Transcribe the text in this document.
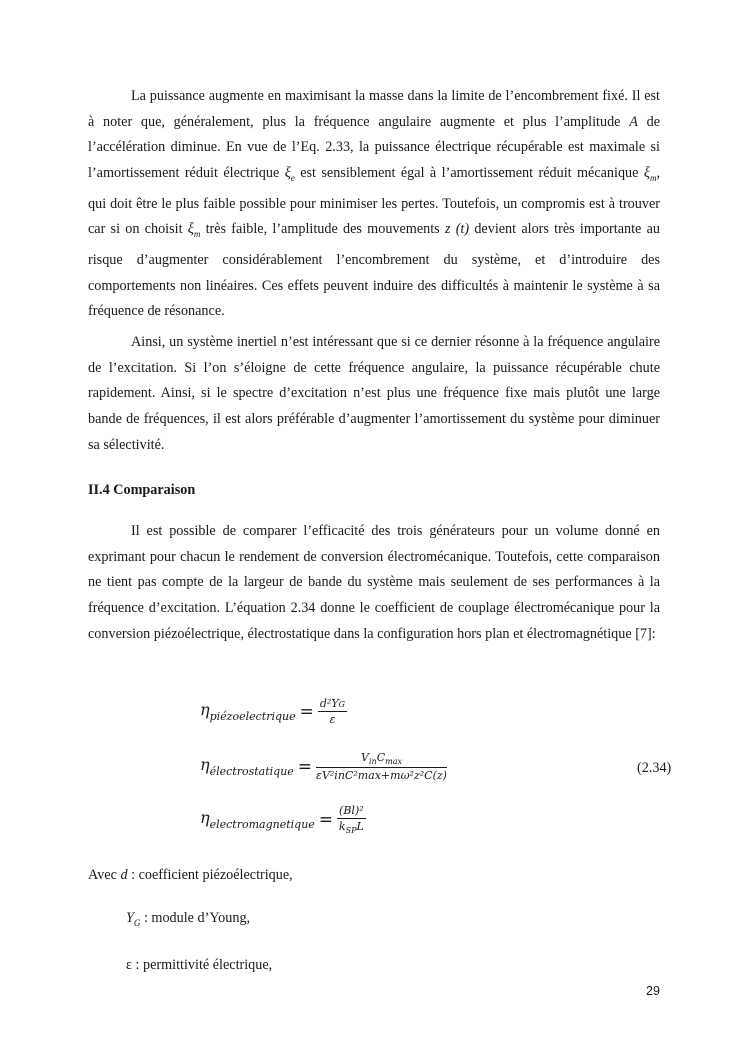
La puissance augmente en maximisant la masse dans la limite de l’encombrement fixé. Il est à noter que, généralement, plus la fréquence angulaire augmente et plus l’amplitude A de l’accélération diminue. En vue de l’Eq. 2.33, la puissance électrique récupérable est maximale si l’amortissement réduit électrique $\xi_e$ est sensiblement égal à l’amortissement réduit mécanique $\xi_m$, qui doit être le plus faible possible pour minimiser les pertes. Toutefois, un compromis est à trouver car si on choisit $\xi_m$ très faible, l’amplitude des mouvements z (t) devient alors très importante au risque d’augmenter considérablement l’encombrement du système, et d’introduire des comportements non linéaires. Ces effets peuvent induire des difficultés à maintenir le système à sa fréquence de résonance.

Ainsi, un système inertiel n’est intéressant que si ce dernier résonne à la fréquence angulaire de l’excitation. Si l’on s’éloigne de cette fréquence angulaire, la puissance récupérable chute rapidement. Ainsi, si le spectre d’excitation n’est plus une fréquence fixe mais plutôt une large bande de fréquences, il est alors préférable d’augmenter l’amortissement du système pour diminuer sa sélectivité.

II.4 Comparaison

Il est possible de comparer l’efficacité des trois générateurs pour un volume donné en exprimant pour chacun le rendement de conversion électromécanique. Toutefois, cette comparaison ne tient pas compte de la largeur de bande du système mais seulement de ses performances à la fréquence d’excitation. L’équation 2.34 donne le coefficient de couplage électromécanique pour la conversion piézoélectrique, électrostatique dans la configuration hors plan et électromagnétique [7]:

$\eta_{piézoelectrique} = \frac{\text{d²YG}}{\varepsilon}$
$\eta_{électrostatique} = \frac{V_{in}C_{max}}{\text{εV²inC²max+mω²z²C(z)}}$
$\eta_{electromagnetique} = \frac{\text{(Bl)²}}{k_{SP}L}$
(2.34)
Avec d : coefficient piézoélectrique,
$Y_G$ : module d’Young,
ε : permittivité électrique,
29
